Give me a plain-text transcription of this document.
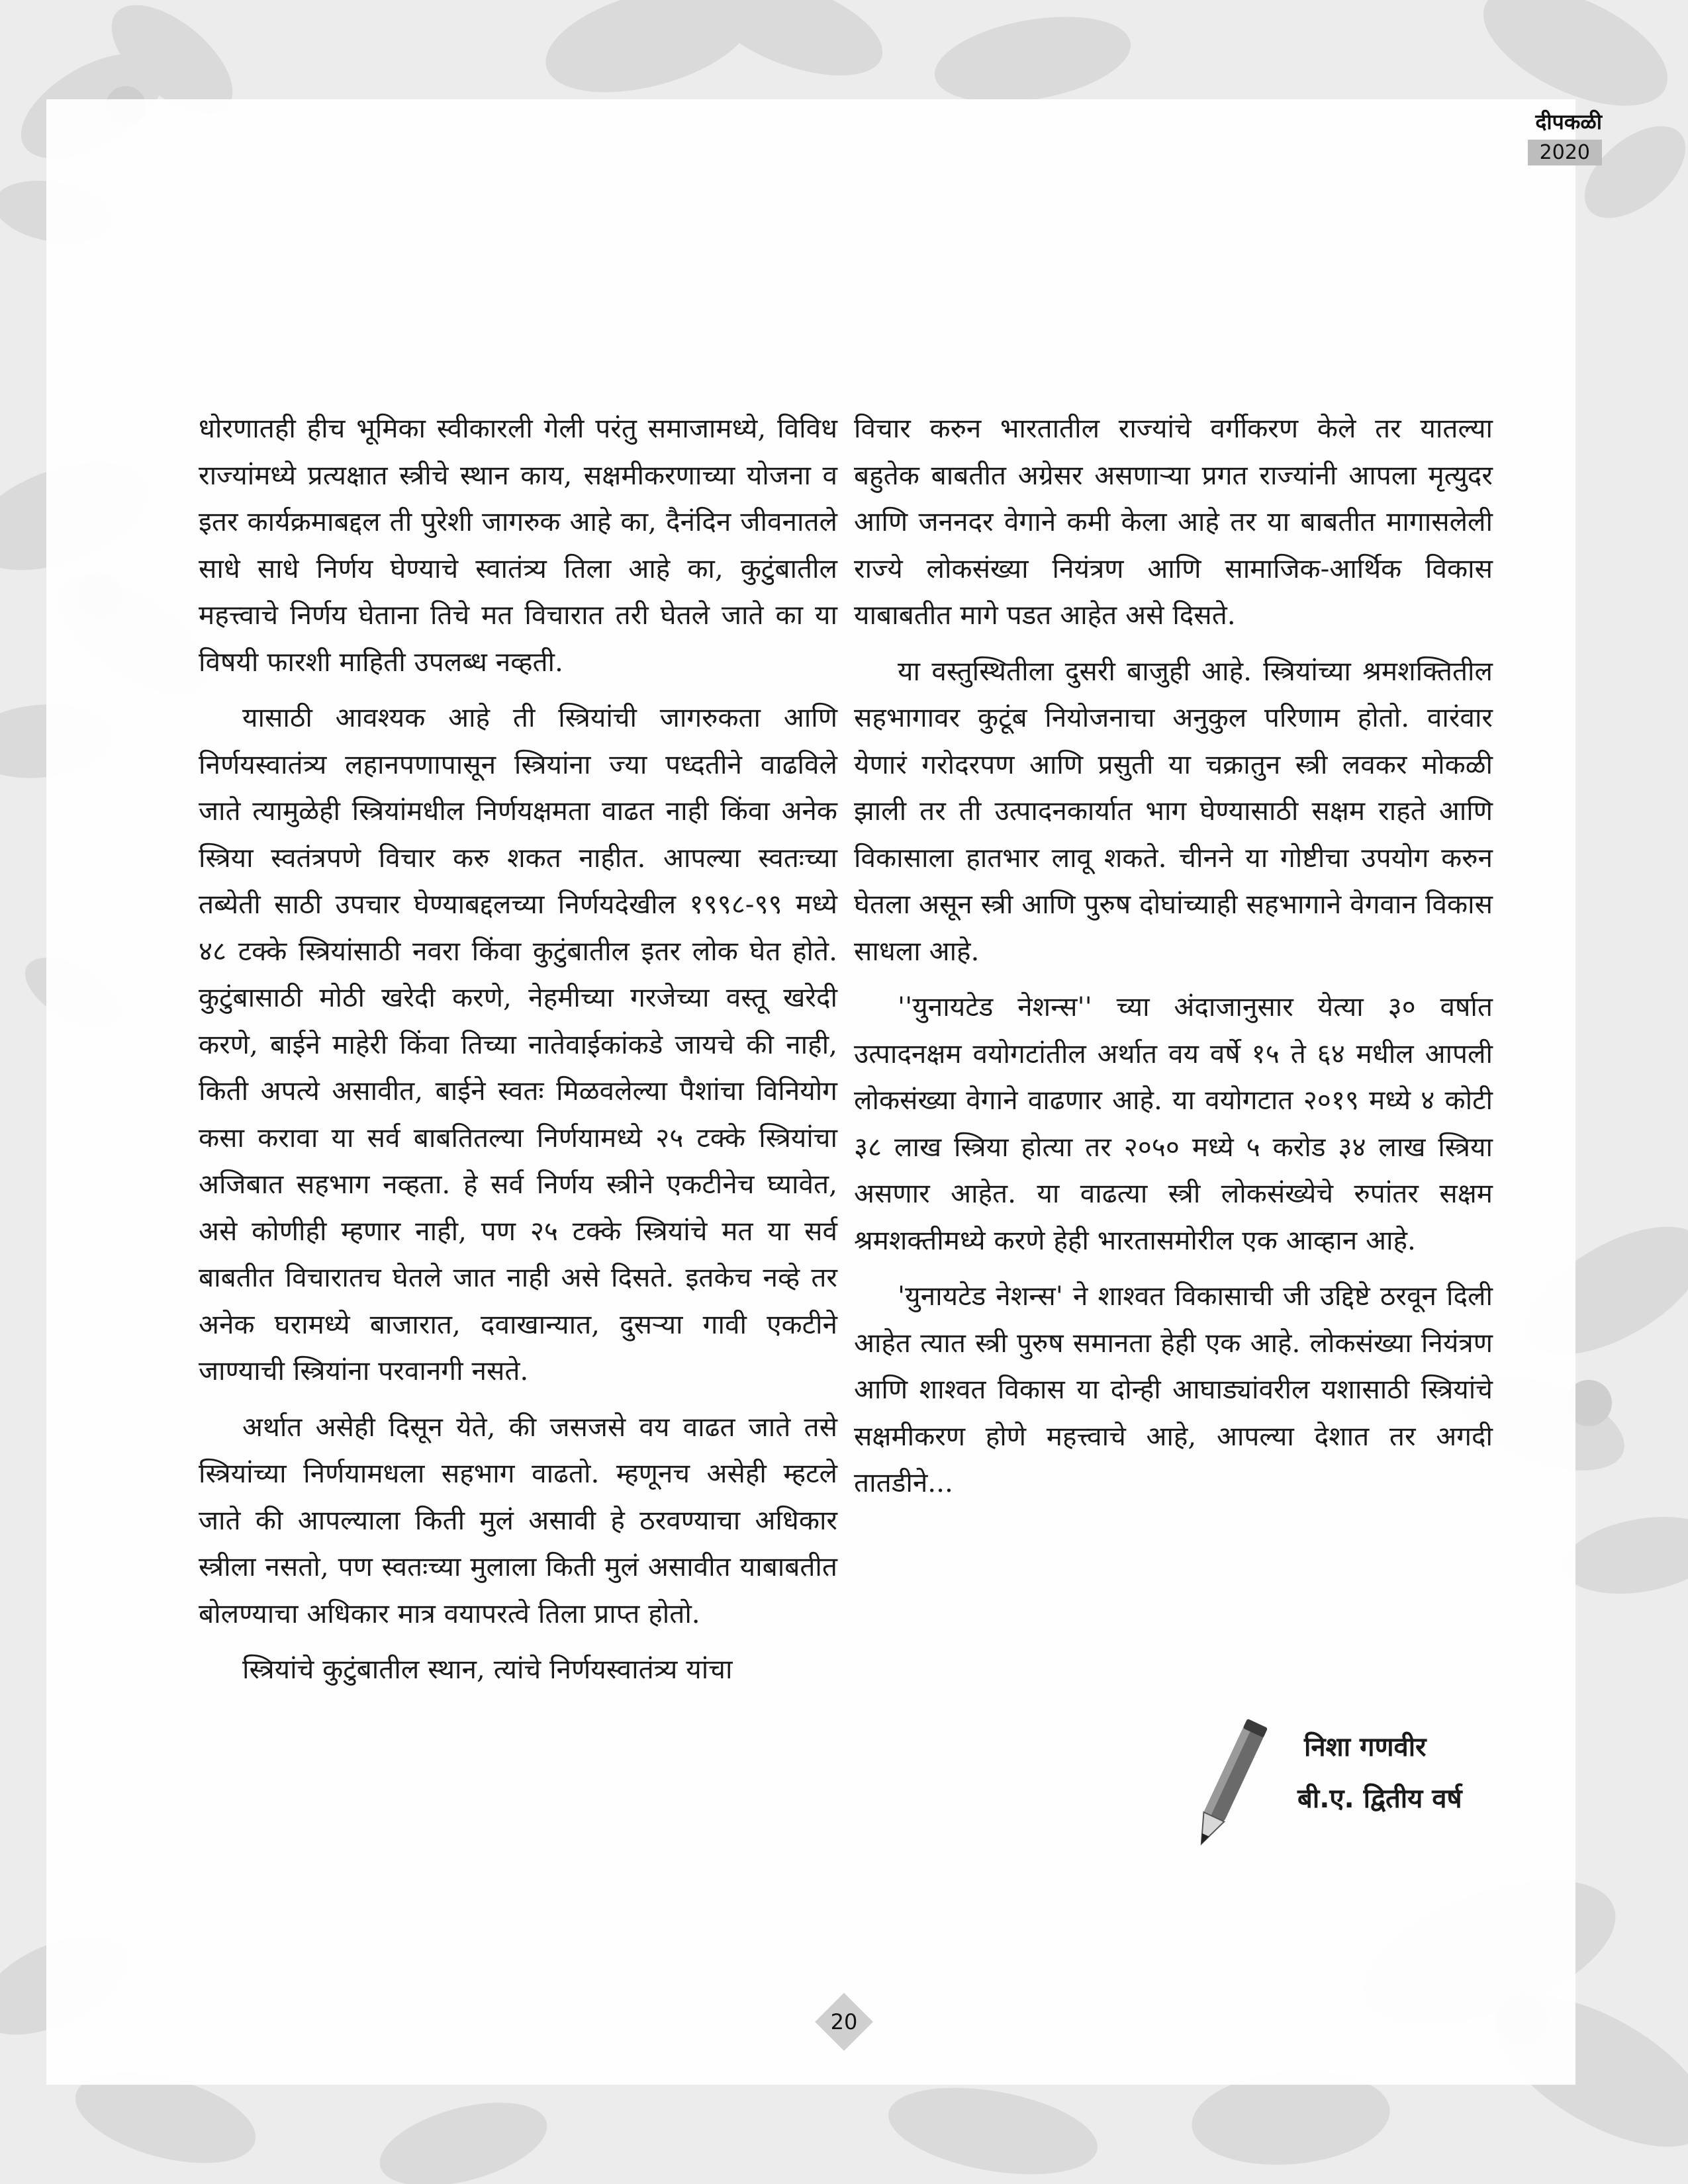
दीपकळी
2020

धोरणातही हीच भूमिका स्वीकारली गेली परंतु समाजामध्ये, विविध राज्यांमध्ये प्रत्यक्षात स्त्रीचे स्थान काय, सक्षमीकरणाच्या योजना व इतर कार्यक्रमाबद्दल ती पुरेशी जागरुक आहे का, दैनंदिन जीवनातले साधे साधे निर्णय घेण्याचे स्वातंत्र्य तिला आहे का, कुटुंबातील महत्त्वाचे निर्णय घेताना तिचे मत विचारात तरी घेतले जाते का या विषयी फारशी माहिती उपलब्ध नव्हती.

यासाठी आवश्यक आहे ती स्त्रियांची जागरुकता आणि निर्णयस्वातंत्र्य लहानपणापासून स्त्रियांना ज्या पध्दतीने वाढविले जाते त्यामुळेही स्त्रियांमधील निर्णयक्षमता वाढत नाही किंवा अनेक स्त्रिया स्वतंत्रपणे विचार करु शकत नाहीत. आपल्या स्वतःच्या तब्येती साठी उपचार घेण्याबद्दलच्या निर्णयदेखील १९९८-९९ मध्ये ४८ टक्के स्त्रियांसाठी नवरा किंवा कुटुंबातील इतर लोक घेत होते. कुटुंबासाठी मोठी खरेदी करणे, नेहमीच्या गरजेच्या वस्तू खरेदी करणे, बाईने माहेरी किंवा तिच्या नातेवाईकांकडे जायचे की नाही, किती अपत्ये असावीत, बाईने स्वतः मिळवलेल्या पैशांचा विनियोग कसा करावा या सर्व बाबतितल्या निर्णयामध्ये २५ टक्के स्त्रियांचा अजिबात सहभाग नव्हता. हे सर्व निर्णय स्त्रीने एकटीनेच घ्यावेत, असे कोणीही म्हणार नाही, पण २५ टक्के स्त्रियांचे मत या सर्व बाबतीत विचारातच घेतले जात नाही असे दिसते. इतकेच नव्हे तर अनेक घरामध्ये बाजारात, दवाखान्यात, दुसऱ्या गावी एकटीने जाण्याची स्त्रियांना परवानगी नसते.

अर्थात असेही दिसून येते, की जसजसे वय वाढत जाते तसे स्त्रियांच्या निर्णयामधला सहभाग वाढतो. म्हणूनच असेही म्हटले जाते की आपल्याला किती मुलं असावी हे ठरवण्याचा अधिकार स्त्रीला नसतो, पण स्वतःच्या मुलाला किती मुलं असावीत याबाबतीत बोलण्याचा अधिकार मात्र वयापरत्वे तिला प्राप्त होतो.

स्त्रियांचे कुटुंबातील स्थान, त्यांचे निर्णयस्वातंत्र्य यांचा

विचार करुन भारतातील राज्यांचे वर्गीकरण केले तर यातल्या बहुतेक बाबतीत अग्रेसर असणाऱ्या प्रगत राज्यांनी आपला मृत्युदर आणि जननदर वेगाने कमी केला आहे तर या बाबतीत मागासलेली राज्ये लोकसंख्या नियंत्रण आणि सामाजिक-आर्थिक विकास याबाबतीत मागे पडत आहेत असे दिसते.

या वस्तुस्थितीला दुसरी बाजुही आहे. स्त्रियांच्या श्रमशक्तितील सहभागावर कुटूंब नियोजनाचा अनुकुल परिणाम होतो. वारंवार येणारं गरोदरपण आणि प्रसुती या चक्रातुन स्त्री लवकर मोकळी झाली तर ती उत्पादनकार्यात भाग घेण्यासाठी सक्षम राहते आणि विकासाला हातभार लावू शकते. चीनने या गोष्टीचा उपयोग करुन घेतला असून स्त्री आणि पुरुष दोघांच्याही सहभागाने वेगवान विकास साधला आहे.

''युनायटेड नेशन्स'' च्या अंदाजानुसार येत्या ३० वर्षात उत्पादनक्षम वयोगटांतील अर्थात वय वर्षे १५ ते ६४ मधील आपली लोकसंख्या वेगाने वाढणार आहे. या वयोगटात २०१९ मध्ये ४ कोटी ३८ लाख स्त्रिया होत्या तर २०५० मध्ये ५ करोड ३४ लाख स्त्रिया असणार आहेत. या वाढत्या स्त्री लोकसंख्येचे रुपांतर सक्षम श्रमशक्तीमध्ये करणे हेही भारतासमोरील एक आव्हान आहे.

'युनायटेड नेशन्स' ने शाश्वत विकासाची जी उद्दिष्टे ठरवून दिली आहेत त्यात स्त्री पुरुष समानता हेही एक आहे. लोकसंख्या नियंत्रण आणि शाश्वत विकास या दोन्ही आघाड्यांवरील यशासाठी स्त्रियांचे सक्षमीकरण होणे महत्त्वाचे आहे, आपल्या देशात तर अगदी तातडीने...

निशा गणवीर
बी.ए. द्वितीय वर्ष
20
